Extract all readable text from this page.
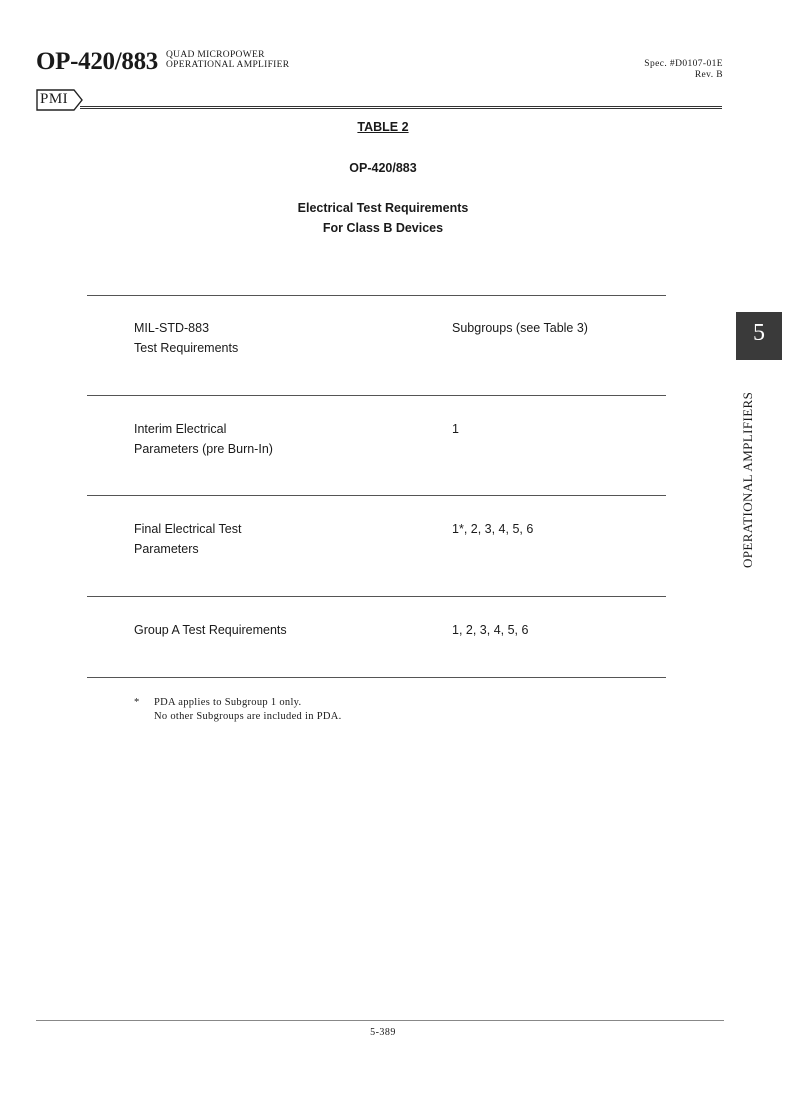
OP-420/883 QUAD MICROPOWER
OPERATIONAL AMPLIFIER	Spec. #D0107-01E
Rev. B
PMI
TABLE 2
OP-420/883
Electrical Test Requirements
For Class B Devices
MIL-STD-883
Test Requirements
Subgroups (see Table 3)
Interim Electrical
Parameters (pre Burn-In)
1
Final Electrical Test
Parameters
1*, 2, 3, 4, 5, 6
Group A Test Requirements	1, 2, 3, 4, 5, 6
* PDA applies to Subgroup 1 only.
No other Subgroups are included in PDA.
5
OPERATIONAL AMPLIFIERS
5-389
